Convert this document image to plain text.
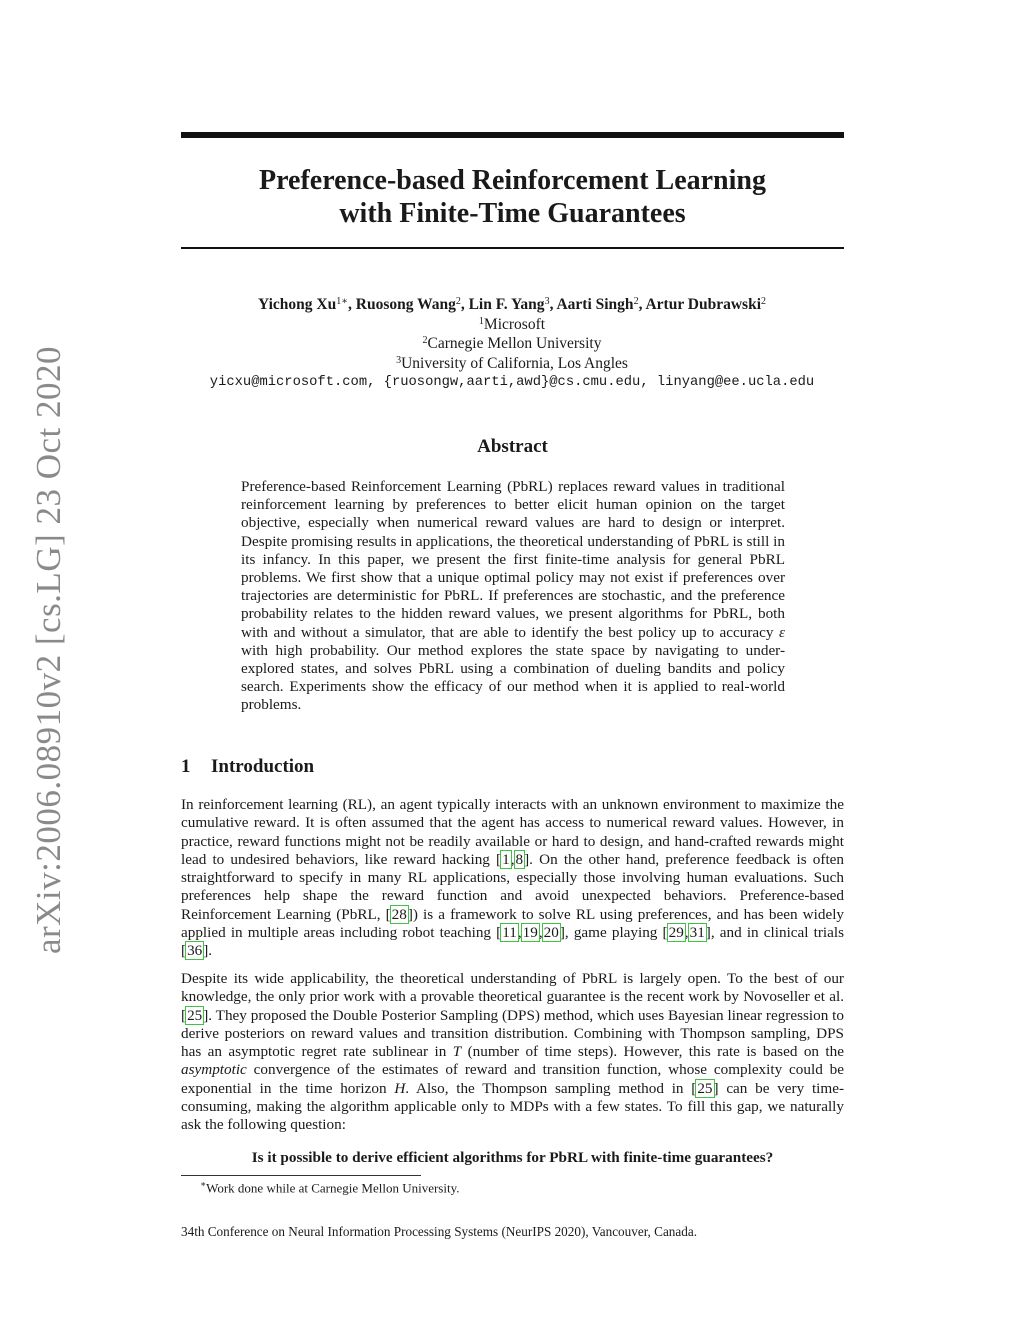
arXiv:2006.08910v2 [cs.LG] 23 Oct 2020
Preference-based Reinforcement Learning
with Finite-Time Guarantees
Yichong $Xu^{1∗}$, Ruosong Wang$^2$, Lin F. Yang$^3$, Aarti Singh$^2$, Artur Dubrawski$^2$
$^1$Microsoft
$^2$Carnegie Mellon University
$^3$University of California, Los Angles
yicxu@microsoft.com, {ruosongw,aarti,awd}@cs.cmu.edu, linyang@ee.ucla.edu
Abstract
Preference-based Reinforcement Learning (PbRL) replaces reward values in traditional reinforcement learning by preferences to better elicit human opinion on the target objective, especially when numerical reward values are hard to design or interpret. Despite promising results in applications, the theoretical understanding of PbRL is still in its infancy. In this paper, we present the first finite-time analysis for general PbRL problems. We first show that a unique optimal policy may not exist if preferences over trajectories are deterministic for PbRL. If preferences are stochastic, and the preference probability relates to the hidden reward values, we present algorithms for PbRL, both with and without a simulator, that are able to identify the best policy up to accuracy ε with high probability. Our method explores the state space by navigating to under-explored states, and solves PbRL using a combination of dueling bandits and policy search. Experiments show the efficacy of our method when it is applied to real-world problems.
1 Introduction
In reinforcement learning (RL), an agent typically interacts with an unknown environment to maximize the cumulative reward. It is often assumed that the agent has access to numerical reward values. However, in practice, reward functions might not be readily available or hard to design, and hand-crafted rewards might lead to undesired behaviors, like reward hacking [1,8]. On the other hand, preference feedback is often straightforward to specify in many RL applications, especially those involving human evaluations. Such preferences help shape the reward function and avoid unexpected behaviors. Preference-based Reinforcement Learning (PbRL, [28]) is a framework to solve RL using preferences, and has been widely applied in multiple areas including robot teaching [11,19,20], game playing [29,31], and in clinical trials [36].
Despite its wide applicability, the theoretical understanding of PbRL is largely open. To the best of our knowledge, the only prior work with a provable theoretical guarantee is the recent work by Novoseller et al. [25]. They proposed the Double Posterior Sampling (DPS) method, which uses Bayesian linear regression to derive posteriors on reward values and transition distribution. Combining with Thompson sampling, DPS has an asymptotic regret rate sublinear in T (number of time steps). However, this rate is based on the asymptotic convergence of the estimates of reward and transition function, whose complexity could be exponential in the time horizon H. Also, the Thompson sampling method in [25] can be very time-consuming, making the algorithm applicable only to MDPs with a few states. To fill this gap, we naturally ask the following question:
Is it possible to derive efficient algorithms for PbRL with finite-time guarantees?
∗Work done while at Carnegie Mellon University.
34th Conference on Neural Information Processing Systems (NeurIPS 2020), Vancouver, Canada.
